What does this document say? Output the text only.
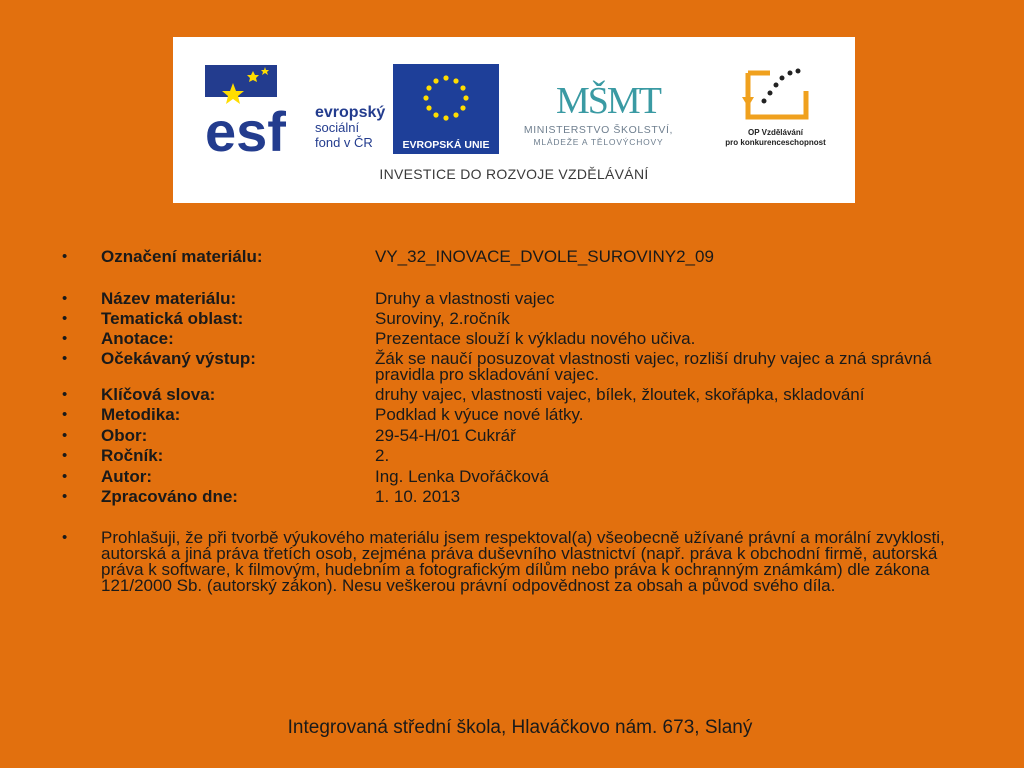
esf evropský
sociální
fond v ČR	EVROPSKÁ UNIE
MŠMT
MINISTERSTVO ŠKOLSTVÍ,
MLÁDEŽE A TĚLOVÝCHOVY
OP Vzdělávání
pro konkurenceschopnost
INVESTICE DO ROZVOJE VZDĚLÁVÁNÍ
• Označení materiálu:	VY_32_INOVACE_DVOLE_SUROVINY2_09
• Název materiálu:	Druhy a vlastnosti vajec
• Tematická oblast:	Suroviny, 2.ročník
• Anotace:	Prezentace slouží k výkladu nového učiva.
• Očekávaný výstup:	Žák se naučí posuzovat vlastnosti vajec, rozliší druhy vajec a zná správná pravidla pro skladování vajec.
• Klíčová slova:	druhy vajec, vlastnosti vajec, bílek, žloutek, skořápka, skladování
• Metodika:	Podklad k výuce nové látky.
• Obor:	29-54-H/01 Cukrář
• Ročník:	2.
• Autor:	Ing. Lenka Dvořáčková
• Zpracováno dne:	1. 10. 2013
• Prohlašuji, že při tvorbě výukového materiálu jsem respektoval(a) všeobecně užívané právní a morální zvyklosti, autorská a jiná práva třetích osob, zejména práva duševního vlastnictví (např. práva k obchodní firmě, autorská práva k software, k filmovým, hudebním a fotografickým dílům nebo práva k ochranným známkám) dle zákona 121/2000 Sb. (autorský zákon). Nesu veškerou právní odpovědnost za obsah a původ svého díla.
Integrovaná střední škola, Hlaváčkovo nám. 673, Slaný
